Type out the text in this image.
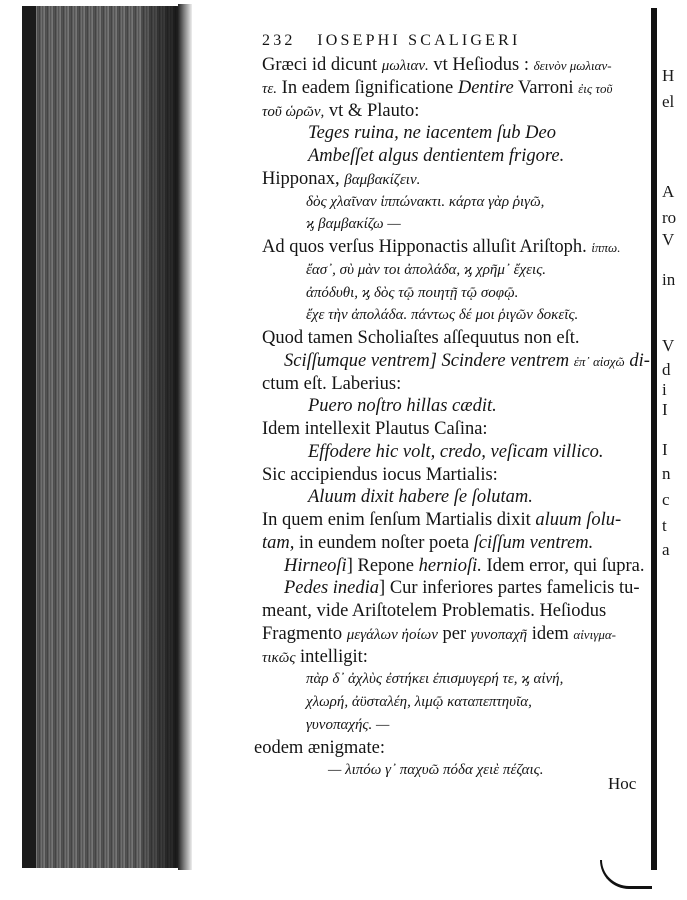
H
el
A
ro
V
in
V
d
i
I
I
n
c
t
a
232 IOSEPHI SCALIGERI
Græci id dicunt μωλιαν. vt Heſiodus : δεινὸν μωλιαν-
τε. In eadem ſignificatione Dentire Varroni ἐις τοῦ
τοῦ ὡρῶν, vt & Plauto:
Teges ruina, ne iacentem ſub Deo
Ambeſſet algus dentientem frigore.
Hipponax, βαμβακίζειν.
δὸς χλαῖναν ἱππώνακτι. κάρτα γὰρ ῥιγῶ,
ϗ βαμβακίζω —
Ad quos verſus Hipponactis alluſit Ariſtoph. ἱππω.
ἔασ᾽, σὺ μὰν τοι ἀπολάδα, ϗ χρῆμ᾽ ἔχεις.
ἀπόδυθι, ϗ δὸς τῷ ποιητῇ τῷ σοφῷ.
ἔχε τὴν ἀπολάδα. πάντως δέ μοι ῥιγῶν δοκεῖς.
Quod tamen Scholiaſtes aſſequutus non eſt.
Sciſſumque ventrem] Scindere ventrem ἐπ᾽ αἰσχῶ di-
ctum eſt. Laberius:
Puero noſtro hillas cædit.
Idem intellexit Plautus Caſina:
Effodere hic volt, credo, veſicam villico.
Sic accipiendus iocus Martialis:
Aluum dixit habere ſe ſolutam.
In quem enim ſenſum Martialis dixit aluum ſolu-
tam, in eundem noſter poeta ſciſſum ventrem.
Hirneoſi] Repone hernioſi. Idem error, qui ſupra.
Pedes inedia] Cur inferiores partes famelicis tu-
meant, vide Ariſtotelem Problematis. Heſiodus
Fragmento μεγάλων ἠοίων per γυνοπαχῆ idem αἰνιγμα-
τικῶς intelligit:
πὰρ δ᾽ ἀχλὺς ἐστήκει ἐπισμυγερή τε, ϗ αἰνή,
χλωρή, ἀϋσταλέη, λιμῷ καταπεπτηυῖα,
γυνοπαχής. —
eodem ænigmate:
— λιπόω γ᾽ παχυῶ πόδα χειὲ πέζαις.
Hoc
